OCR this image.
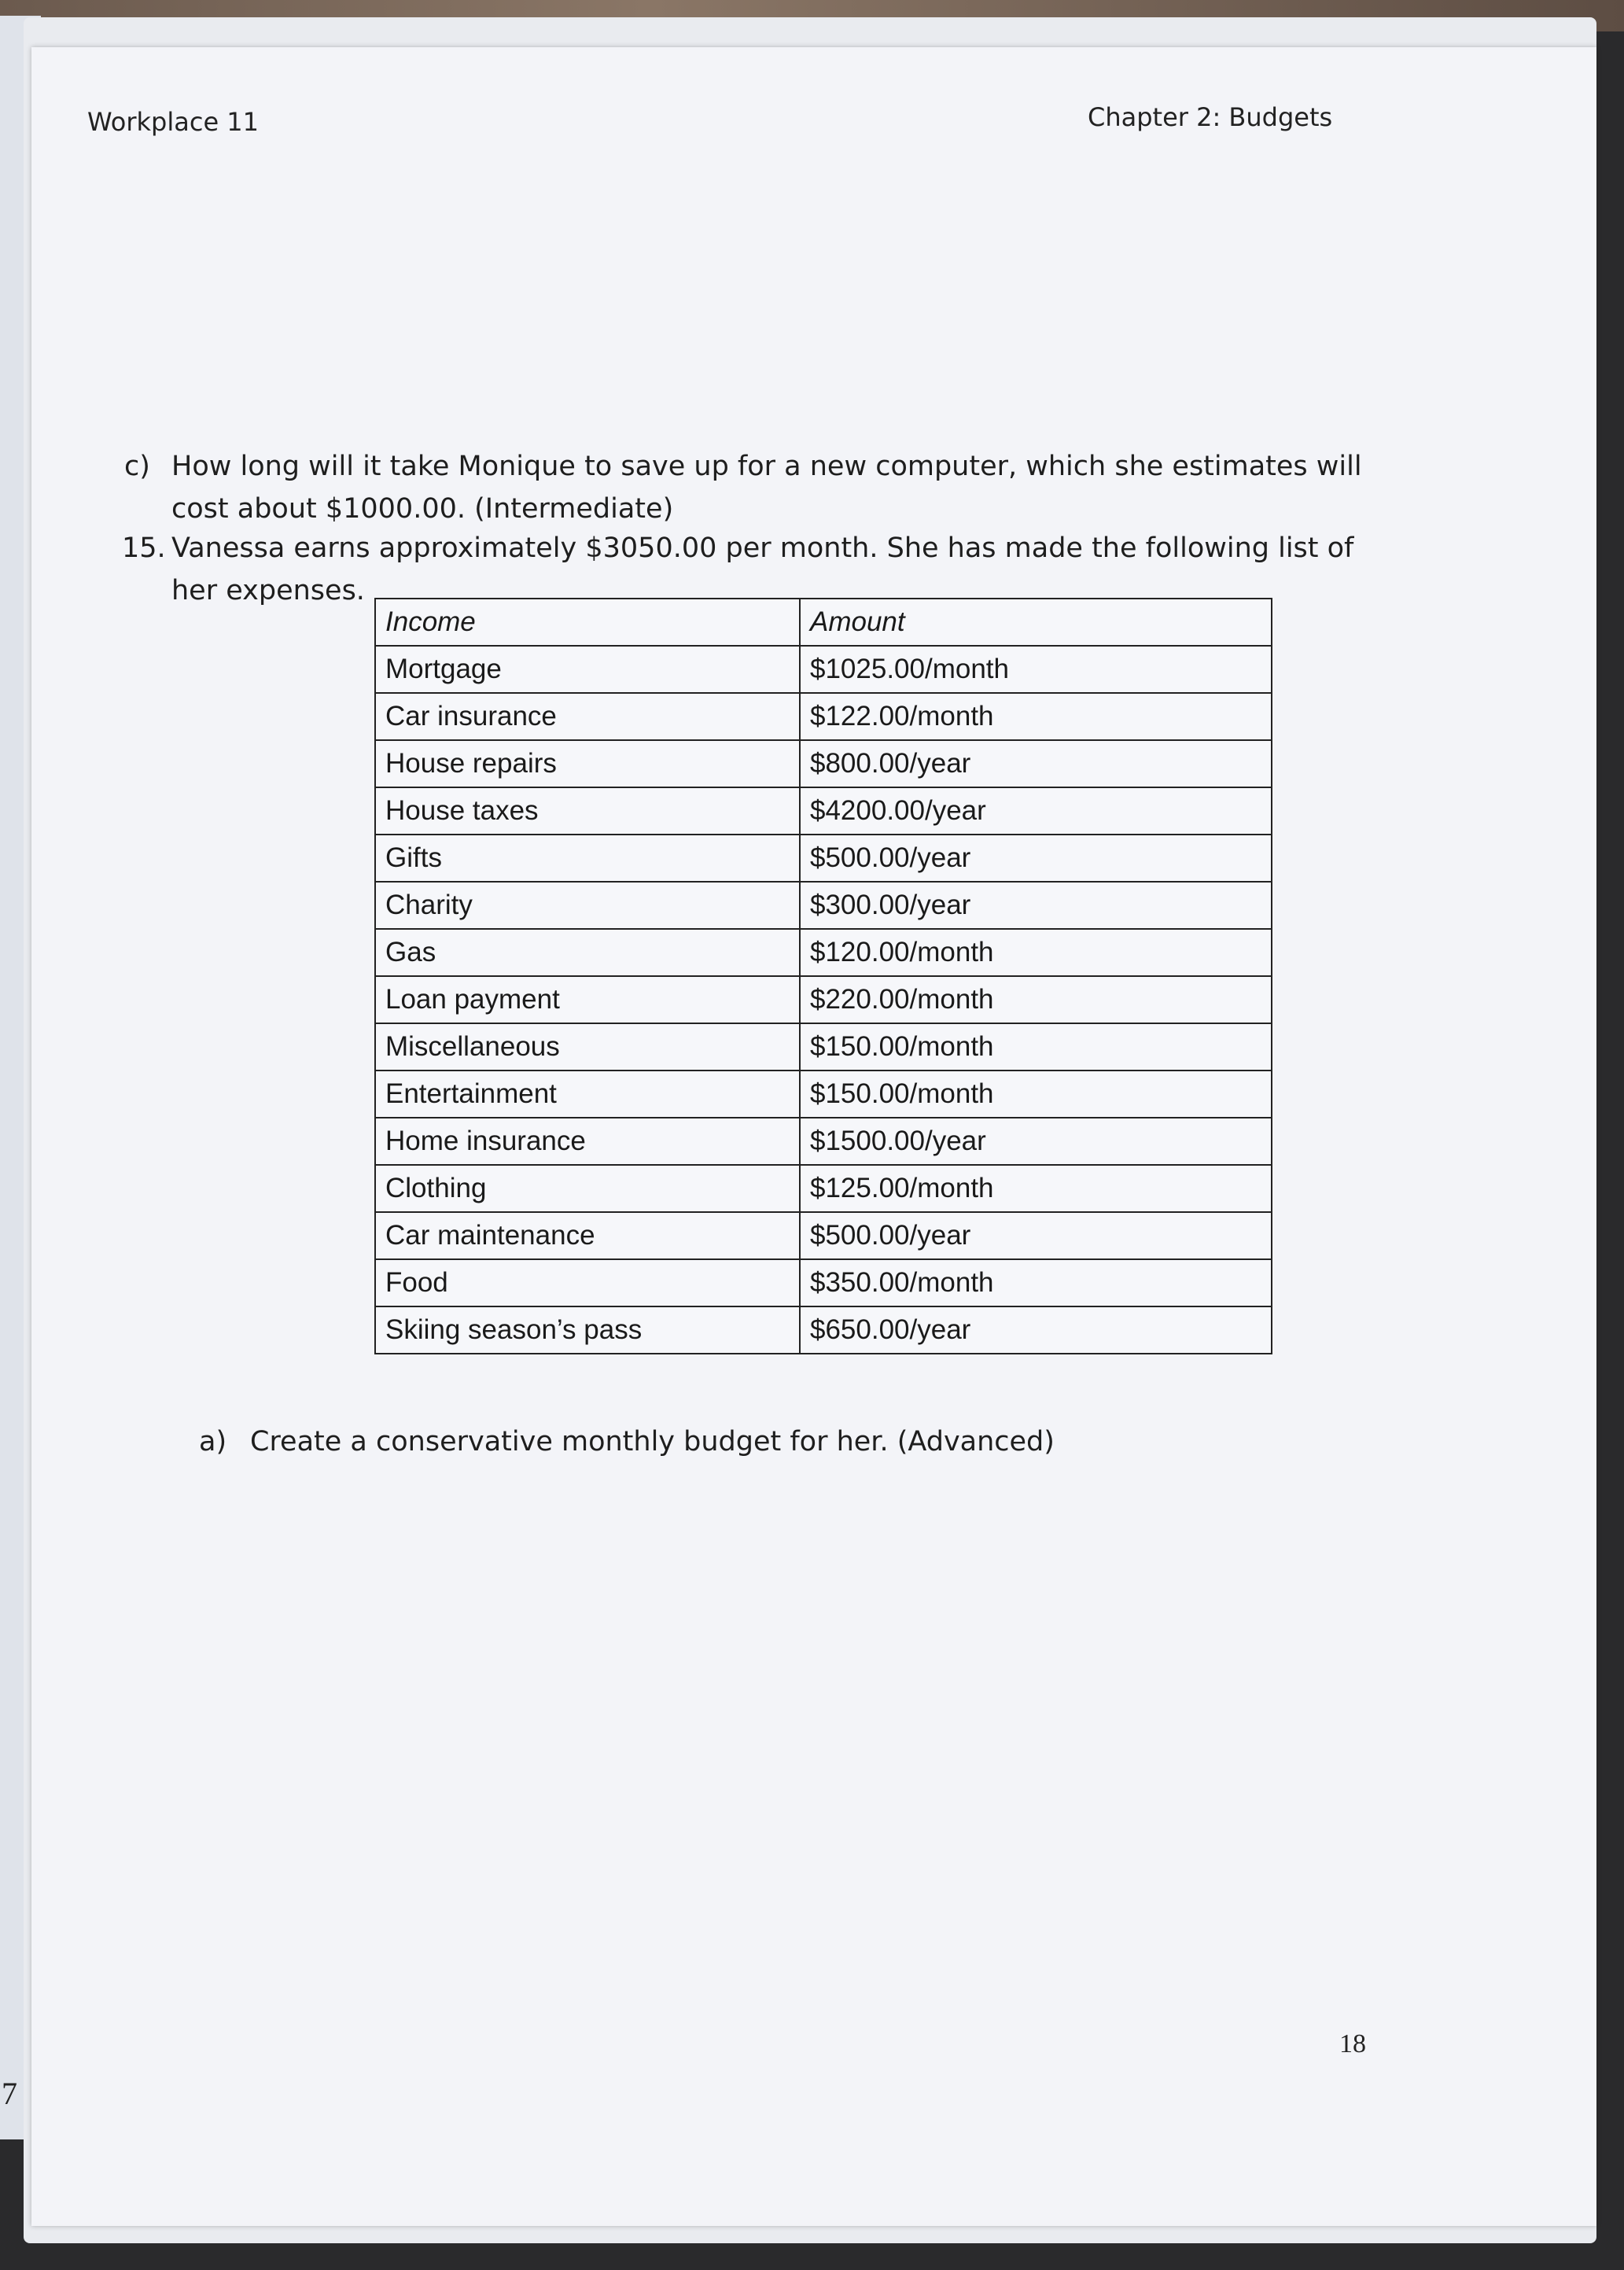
7
Workplace 11	Chapter 2: Budgets
c) How long will it take Monique to save up for a new computer, which she estimates will
cost about $1000.00. (Intermediate)
15. Vanessa earns approximately $3050.00 per month. She has made the following list of
her expenses.
Income	Amount
Mortgage	$1025.00/month
Car insurance	$122.00/month
House repairs	$800.00/year
House taxes	$4200.00/year
Gifts	$500.00/year
Charity	$300.00/year
Gas	$120.00/month
Loan payment	$220.00/month
Miscellaneous	$150.00/month
Entertainment	$150.00/month
Home insurance	$1500.00/year
Clothing	$125.00/month
Car maintenance	$500.00/year
Food	$350.00/month
Skiing season’s pass	$650.00/year
a) Create a conservative monthly budget for her. (Advanced)
18
